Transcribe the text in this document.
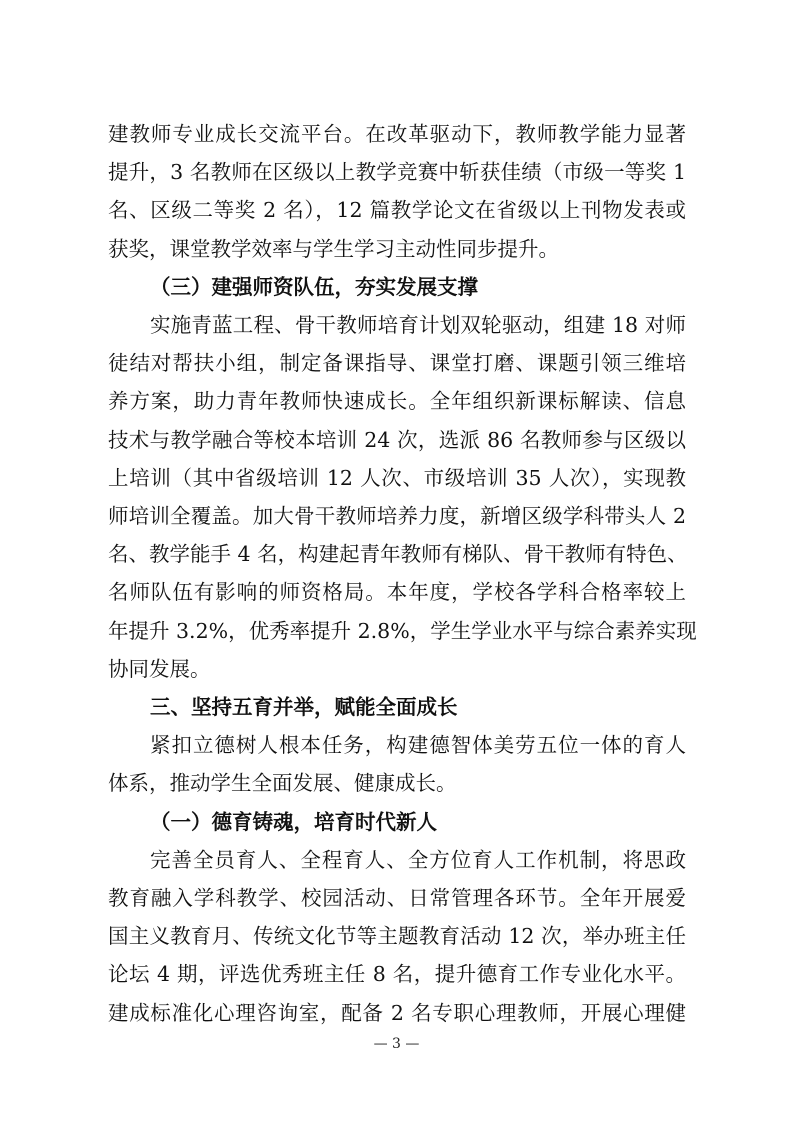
建教师专业成长交流平台。在改革驱动下，教师教学能力显著
提升，3 名教师在区级以上教学竞赛中斩获佳绩（市级一等奖 1
名、区级二等奖 2 名），12 篇教学论文在省级以上刊物发表或
获奖，课堂教学效率与学生学习主动性同步提升。
（三）建强师资队伍，夯实发展支撑
实施青蓝工程、骨干教师培育计划双轮驱动，组建 18 对师
徒结对帮扶小组，制定备课指导、课堂打磨、课题引领三维培
养方案，助力青年教师快速成长。全年组织新课标解读、信息
技术与教学融合等校本培训 24 次，选派 86 名教师参与区级以
上培训（其中省级培训 12 人次、市级培训 35 人次），实现教
师培训全覆盖。加大骨干教师培养力度，新增区级学科带头人 2
名、教学能手 4 名，构建起青年教师有梯队、骨干教师有特色、
名师队伍有影响的师资格局。本年度，学校各学科合格率较上
年提升 3.2%，优秀率提升 2.8%，学生学业水平与综合素养实现
协同发展。
三、坚持五育并举，赋能全面成长
紧扣立德树人根本任务，构建德智体美劳五位一体的育人
体系，推动学生全面发展、健康成长。
（一）德育铸魂，培育时代新人
完善全员育人、全程育人、全方位育人工作机制，将思政
教育融入学科教学、校园活动、日常管理各环节。全年开展爱
国主义教育月、传统文化节等主题教育活动 12 次，举办班主任
论坛 4 期，评选优秀班主任 8 名，提升德育工作专业化水平。
建成标准化心理咨询室，配备 2 名专职心理教师，开展心理健
— 3 —
